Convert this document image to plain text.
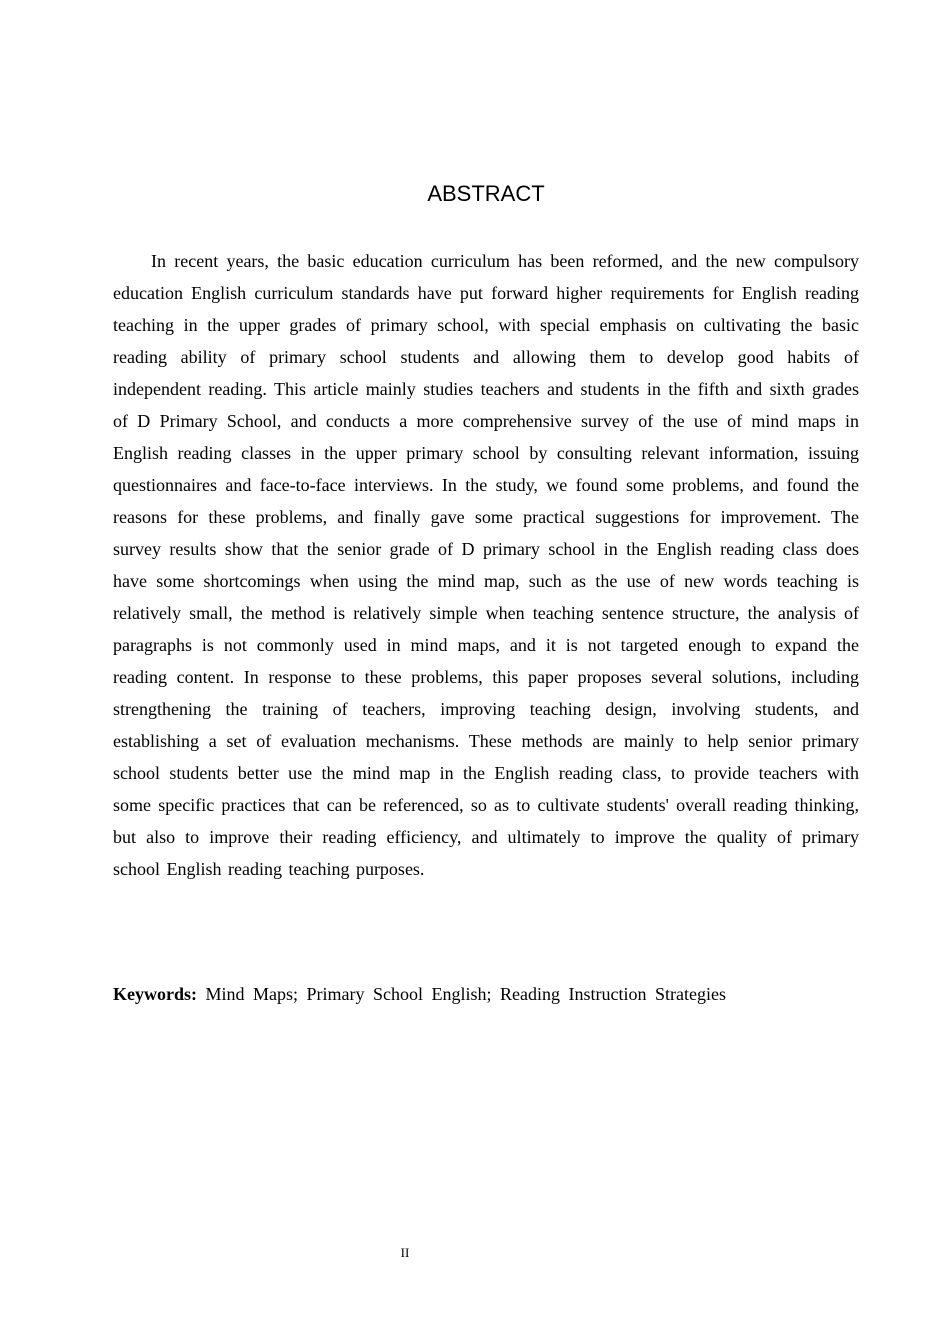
ABSTRACT

In recent years, the basic education curriculum has been reformed, and the new compulsory education English curriculum standards have put forward higher requirements for English reading teaching in the upper grades of primary school, with special emphasis on cultivating the basic reading ability of primary school students and allowing them to develop good habits of independent reading. This article mainly studies teachers and students in the fifth and sixth grades of D Primary School, and conducts a more comprehensive survey of the use of mind maps in English reading classes in the upper primary school by consulting relevant information, issuing questionnaires and face-to-face interviews. In the study, we found some problems, and found the reasons for these problems, and finally gave some practical suggestions for improvement. The survey results show that the senior grade of D primary school in the English reading class does have some shortcomings when using the mind map, such as the use of new words teaching is relatively small, the method is relatively simple when teaching sentence structure, the analysis of paragraphs is not commonly used in mind maps, and it is not targeted enough to expand the reading content. In response to these problems, this paper proposes several solutions, including strengthening the training of teachers, improving teaching design, involving students, and establishing a set of evaluation mechanisms. These methods are mainly to help senior primary school students better use the mind map in the English reading class, to provide teachers with some specific practices that can be referenced, so as to cultivate students' overall reading thinking, but also to improve their reading efficiency, and ultimately to improve the quality of primary school English reading teaching purposes.

Keywords: Mind Maps; Primary School English; Reading Instruction Strategies

II
